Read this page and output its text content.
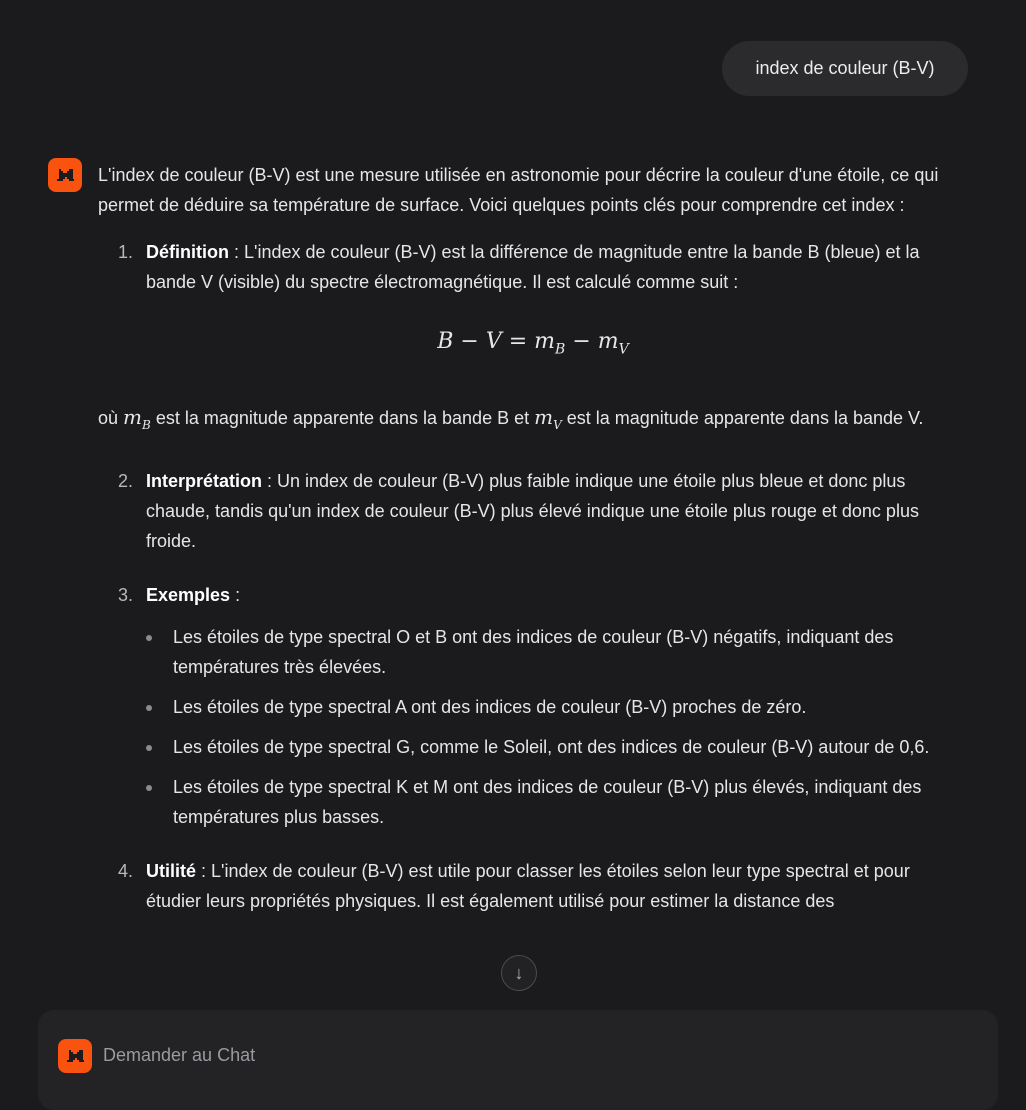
index de couleur (B-V)

L'index de couleur (B-V) est une mesure utilisée en astronomie pour décrire la couleur d'une étoile, ce qui permet de déduire sa température de surface. Voici quelques points clés pour comprendre cet index :

1. Définition : L'index de couleur (B-V) est la différence de magnitude entre la bande B (bleue) et la bande V (visible) du spectre électromagnétique. Il est calculé comme suit :
$B - V = m_B - m_V$

où $m_B$ est la magnitude apparente dans la bande B et $m_V$ est la magnitude apparente dans la bande V.

2. Interprétation : Un index de couleur (B-V) plus faible indique une étoile plus bleue et donc plus chaude, tandis qu'un index de couleur (B-V) plus élevé indique une étoile plus rouge et donc plus froide.
3. Exemples :
Les étoiles de type spectral O et B ont des indices de couleur (B-V) négatifs, indiquant des températures très élevées.
Les étoiles de type spectral A ont des indices de couleur (B-V) proches de zéro.
Les étoiles de type spectral G, comme le Soleil, ont des indices de couleur (B-V) autour de 0,6.
Les étoiles de type spectral K et M ont des indices de couleur (B-V) plus élevés, indiquant des températures plus basses.
4. Utilité : L'index de couleur (B-V) est utile pour classer les étoiles selon leur type spectral et pour étudier leurs propriétés physiques. Il est également utilisé pour estimer la distance des
↓
Demander au Chat
